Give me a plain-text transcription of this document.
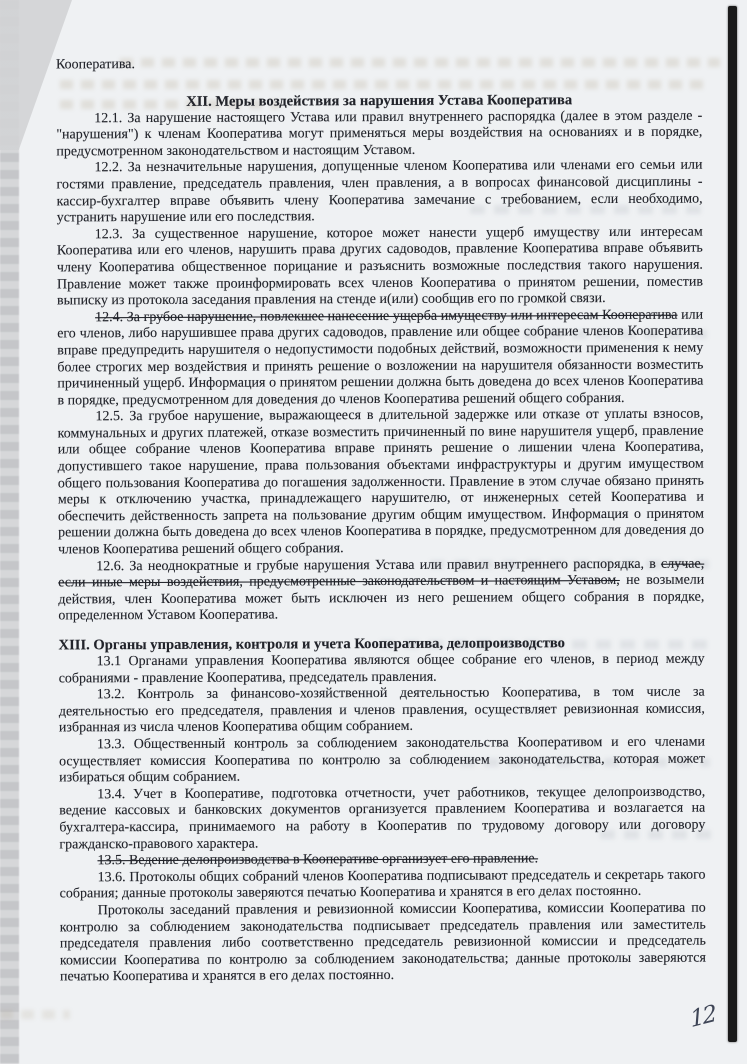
Кооператива.

XII. Меры воздействия за нарушения Устава Кооператива

12.1. За нарушение настоящего Устава или правил внутреннего распорядка (далее в этом разделе - "нарушения") к членам Кооператива могут применяться меры воздействия на основаниях и в порядке, предусмотренном законодательством и настоящим Уставом.

12.2. За незначительные нарушения, допущенные членом Кооператива или членами его семьи или гостями правление, председатель правления, член правления, а в вопросах финансовой дисциплины - кассир-бухгалтер вправе объявить члену Кооператива замечание с требованием, если необходимо, устранить нарушение или его последствия.

12.3. За существенное нарушение, которое может нанести ущерб имуществу или интересам Кооператива или его членов, нарушить права других садоводов, правление Кооператива вправе объявить члену Кооператива общественное порицание и разъяснить возможные последствия такого нарушения. Правление может также проинформировать всех членов Кооператива о принятом решении, поместив выписку из протокола заседания правления на стенде и(или) сообщив его по громкой связи.

12.4. За грубое нарушение, повлекшее нанесение ущерба имуществу или интересам Кооператива или его членов, либо нарушившее права других садоводов, правление или общее собрание членов Кооператива вправе предупредить нарушителя о недопустимости подобных действий, возможности применения к нему более строгих мер воздействия и принять решение о возложении на нарушителя обязанности возместить причиненный ущерб. Информация о принятом решении должна быть доведена до всех членов Кооператива в порядке, предусмотренном для доведения до членов Кооператива решений общего собрания.

12.5. За грубое нарушение, выражающееся в длительной задержке или отказе от уплаты взносов, коммунальных и других платежей, отказе возместить причиненный по вине нарушителя ущерб, правление или общее собрание членов Кооператива вправе принять решение о лишении члена Кооператива, допустившего такое нарушение, права пользования объектами инфраструктуры и другим имуществом общего пользования Кооператива до погашения задолженности. Правление в этом случае обязано принять меры к отключению участка, принадлежащего нарушителю, от инженерных сетей Кооператива и обеспечить действенность запрета на пользование другим общим имуществом. Информация о принятом решении должна быть доведена до всех членов Кооператива в порядке, предусмотренном для доведения до членов Кооператива решений общего собрания.

12.6. За неоднократные и грубые нарушения Устава или правил внутреннего распорядка, в случае, если иные меры воздействия, предусмотренные законодательством и настоящим Уставом, не возымели действия, член Кооператива может быть исключен из него решением общего собрания в порядке, определенном Уставом Кооператива.

XIII. Органы управления, контроля и учета Кооператива, делопроизводство

13.1 Органами управления Кооператива являются общее собрание его членов, в период между собраниями - правление Кооператива, председатель правления.

13.2. Контроль за финансово-хозяйственной деятельностью Кооператива, в том числе за деятельностью его председателя, правления и членов правления, осуществляет ревизионная комиссия, избранная из числа членов Кооператива общим собранием.

13.3. Общественный контроль за соблюдением законодательства Кооперативом и его членами осуществляет комиссия Кооператива по контролю за соблюдением законодательства, которая может избираться общим собранием.

13.4. Учет в Кооперативе, подготовка отчетности, учет работников, текущее делопроизводство, ведение кассовых и банковских документов организуется правлением Кооператива и возлагается на бухгалтера-кассира, принимаемого на работу в Кооператив по трудовому договору или договору гражданско-правового характера.

13.5. Ведение делопроизводства в Кооперативе организует его правление.

13.6. Протоколы общих собраний членов Кооператива подписывают председатель и секретарь такого собрания; данные протоколы заверяются печатью Кооператива и хранятся в его делах постоянно.

Протоколы заседаний правления и ревизионной комиссии Кооператива, комиссии Кооператива по контролю за соблюдением законодательства подписывает председатель правления или заместитель председателя правления либо соответственно председатель ревизионной комиссии и председатель комиссии Кооператива по контролю за соблюдением законодательства; данные протоколы заверяются печатью Кооператива и хранятся в его делах постоянно.

12
